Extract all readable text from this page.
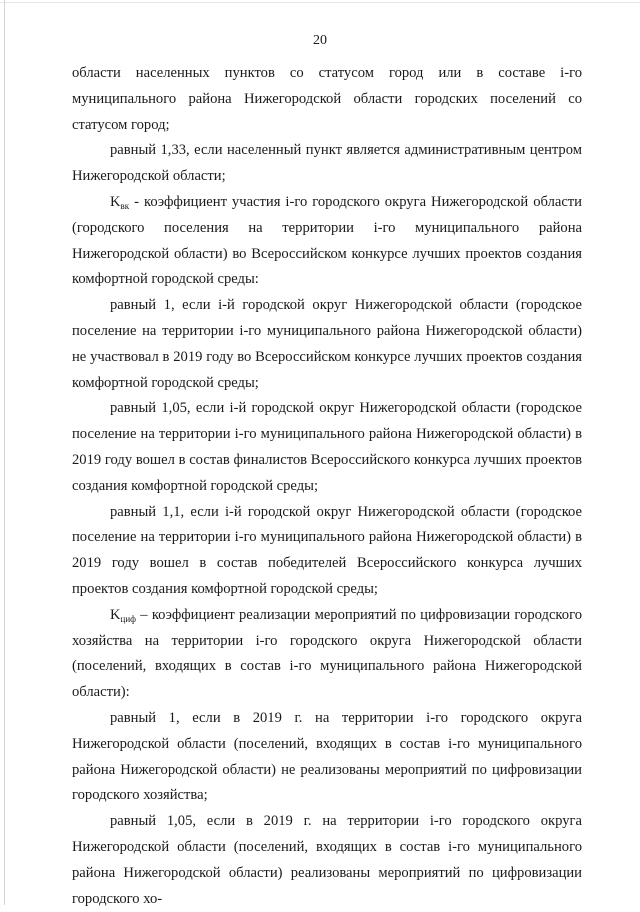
20

области населенных пунктов со статусом город или в составе i-го муниципального района Нижегородской области городских поселений со статусом город;

равный 1,33, если населенный пункт является административным центром Нижегородской области;

$K_{вк}$ - коэффициент участия i-го городского округа Нижегородской области (городского поселения на территории i-го муниципального района Нижегородской области) во Всероссийском конкурсе лучших проектов создания комфортной городской среды:

равный 1, если i-й городской округ Нижегородской области (городское поселение на территории i-го муниципального района Нижегородской области) не участвовал в 2019 году во Всероссийском конкурсе лучших проектов создания комфортной городской среды;

равный 1,05, если i-й городской округ Нижегородской области (городское поселение на территории i-го муниципального района Нижегородской области) в 2019 году вошел в состав финалистов Всероссийского конкурса лучших проектов создания комфортной городской среды;

равный 1,1, если i-й городской округ Нижегородской области (городское поселение на территории i-го муниципального района Нижегородской области) в 2019 году вошел в состав победителей Всероссийского конкурса лучших проектов создания комфортной городской среды;

$K_{циф}$ – коэффициент реализации мероприятий по цифровизации городского хозяйства на территории i-го городского округа Нижегородской области (поселений, входящих в состав i-го муниципального района Нижегородской области):

равный 1, если в 2019 г. на территории i-го городского округа Нижегородской области (поселений, входящих в состав i-го муниципального района Нижегородской области) не реализованы мероприятий по цифровизации городского хозяйства;

равный 1,05, если в 2019 г. на территории i-го городского округа Нижегородской области (поселений, входящих в состав i-го муниципального района Нижегородской области) реализованы мероприятий по цифровизации городского хо-
